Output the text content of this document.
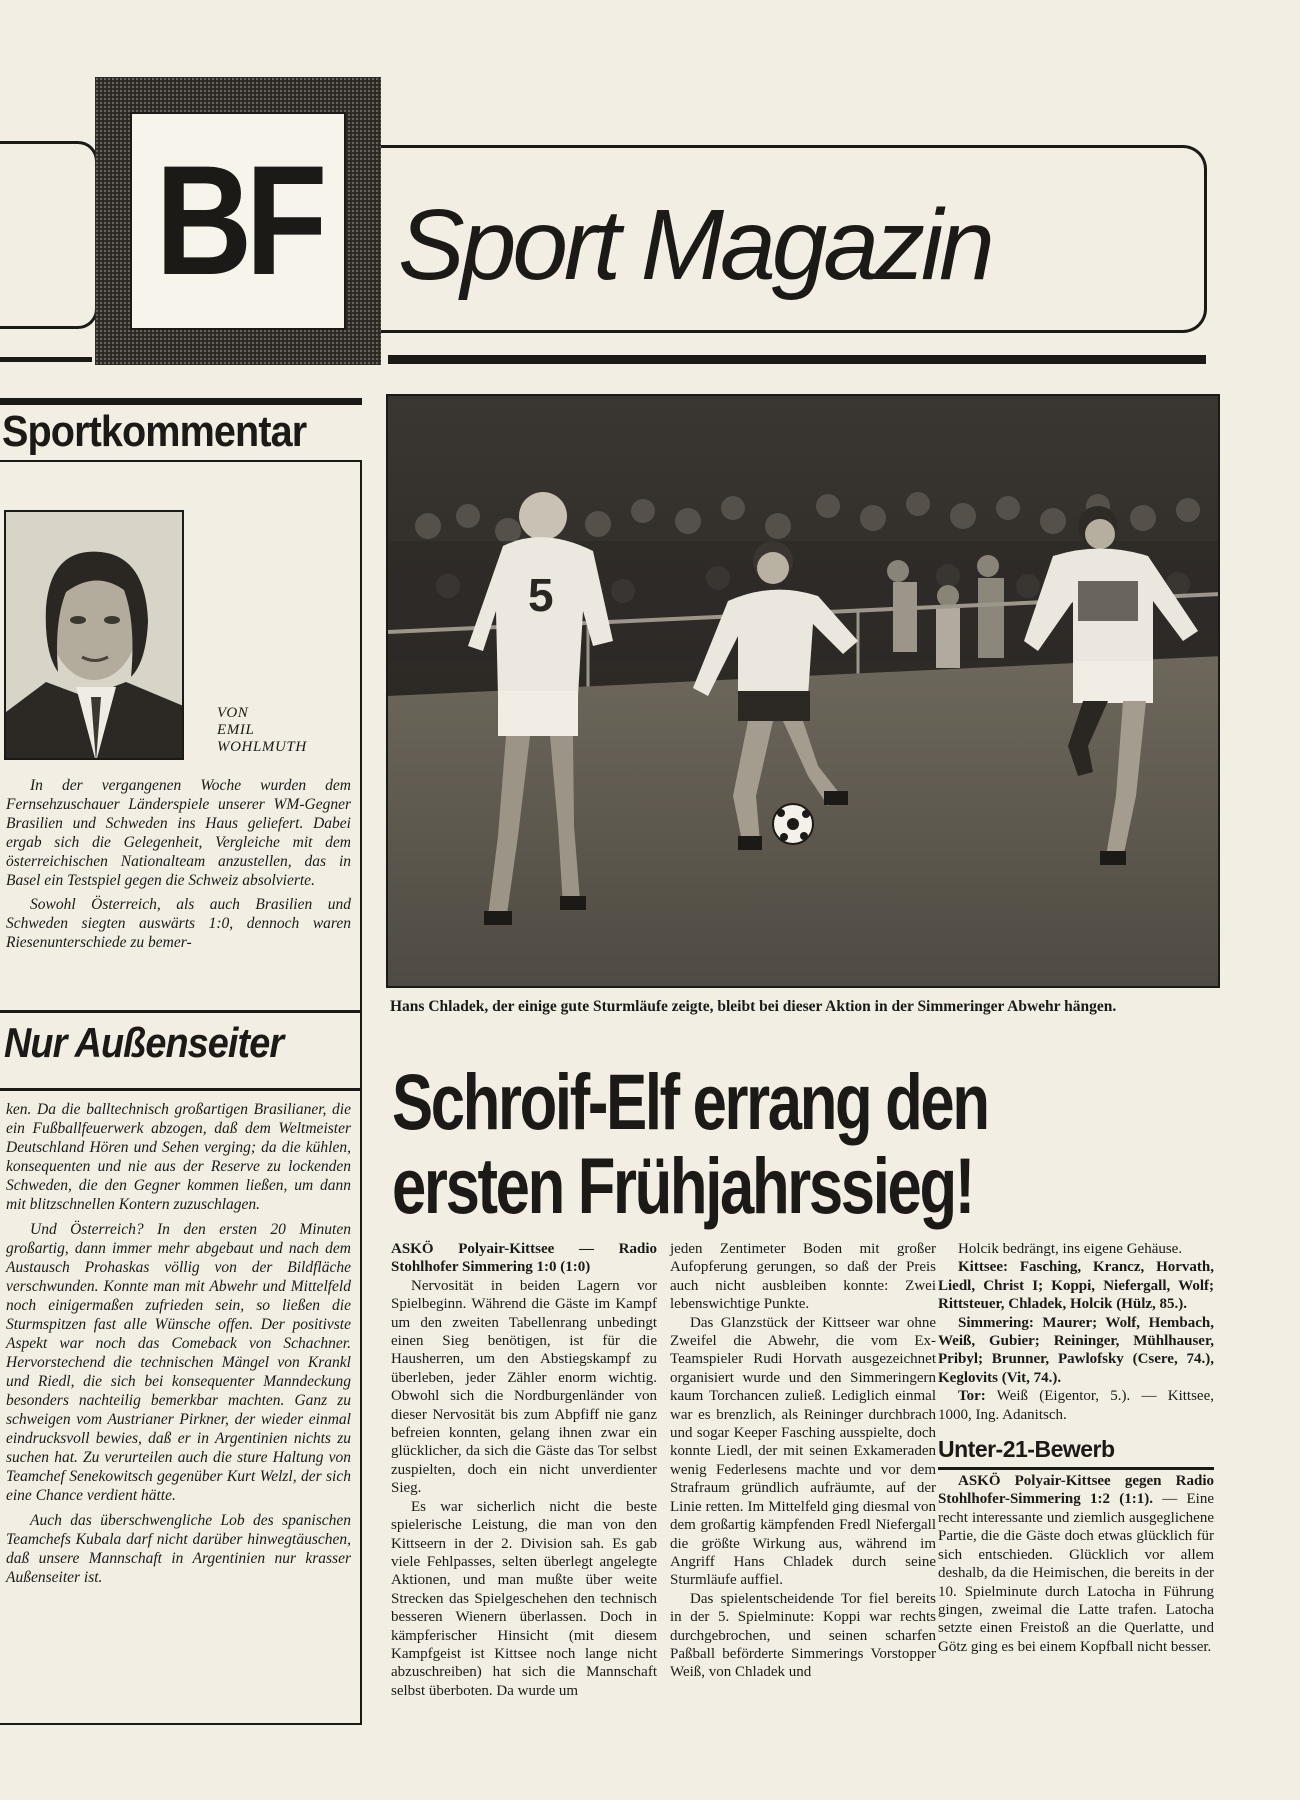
BF Sport Magazin
Sportkommentar
VON
EMIL
WOHLMUTH

In der vergangenen Woche wurden dem Fernsehzuschauer Länderspiele unserer WM-Gegner Brasilien und Schweden ins Haus geliefert. Dabei ergab sich die Gelegenheit, Vergleiche mit dem österreichischen Nationalteam anzustellen, das in Basel ein Testspiel gegen die Schweiz absolvierte.

Sowohl Österreich, als auch Brasilien und Schweden siegten auswärts 1:0, dennoch waren Riesenunterschiede zu bemer-

Nur Außenseiter

ken. Da die balltechnisch großartigen Brasilianer, die ein Fußballfeuerwerk abzogen, daß dem Weltmeister Deutschland Hören und Sehen verging; da die kühlen, konsequenten und nie aus der Reserve zu lockenden Schweden, die den Gegner kommen ließen, um dann mit blitzschnellen Kontern zuzuschlagen.

Und Österreich? In den ersten 20 Minuten großartig, dann immer mehr abgebaut und nach dem Austausch Prohaskas völlig von der Bildfläche verschwunden. Konnte man mit Abwehr und Mittelfeld noch einigermaßen zufrieden sein, so ließen die Sturmspitzen fast alle Wünsche offen. Der positivste Aspekt war noch das Comeback von Schachner. Hervorstechend die technischen Mängel von Krankl und Riedl, die sich bei konsequenter Manndeckung besonders nachteilig bemerkbar machten. Ganz zu schweigen vom Austrianer Pirkner, der wieder einmal eindrucksvoll bewies, daß er in Argentinien nichts zu suchen hat. Zu verurteilen auch die sture Haltung von Teamchef Senekowitsch gegenüber Kurt Welzl, der sich eine Chance verdient hätte.

Auch das überschwengliche Lob des spanischen Teamchefs Kubala darf nicht darüber hinwegtäuschen, daß unsere Mannschaft in Argentinien nur krasser Außenseiter ist.

5
Hans Chladek, der einige gute Sturmläufe zeigte, bleibt bei dieser Aktion in der Simmeringer Abwehr hängen.
Schroif-Elf errang den
ersten Frühjahrssieg!

ASKÖ Polyair-Kittsee — Radio Stohlhofer Simmering 1:0 (1:0)

Nervosität in beiden Lagern vor Spielbeginn. Während die Gäste im Kampf um den zweiten Tabellenrang unbedingt einen Sieg benötigen, ist für die Hausherren, um den Abstiegskampf zu überleben, jeder Zähler enorm wichtig. Obwohl sich die Nordburgenländer von dieser Nervosität bis zum Abpfiff nie ganz befreien konnten, gelang ihnen zwar ein glücklicher, da sich die Gäste das Tor selbst zuspielten, doch ein nicht unverdienter Sieg.

Es war sicherlich nicht die beste spielerische Leistung, die man von den Kittseern in der 2. Division sah. Es gab viele Fehlpasses, selten überlegt angelegte Aktionen, und man mußte über weite Strecken das Spielgeschehen den technisch besseren Wienern überlassen. Doch in kämpferischer Hinsicht (mit diesem Kampfgeist ist Kittsee noch lange nicht abzuschreiben) hat sich die Mannschaft selbst überboten. Da wurde um

jeden Zentimeter Boden mit großer Aufopferung gerungen, so daß der Preis auch nicht ausbleiben konnte: Zwei lebenswichtige Punkte.

Das Glanzstück der Kittseer war ohne Zweifel die Abwehr, die vom Ex-Teamspieler Rudi Horvath ausgezeichnet organisiert wurde und den Simmeringern kaum Torchancen zuließ. Lediglich einmal war es brenzlich, als Reininger durchbrach und sogar Keeper Fasching ausspielte, doch konnte Liedl, der mit seinen Exkameraden wenig Federlesens machte und vor dem Strafraum gründlich aufräumte, auf der Linie retten. Im Mittelfeld ging diesmal von dem großartig kämpfenden Fredl Niefergall die größte Wirkung aus, während im Angriff Hans Chladek durch seine Sturmläufe auffiel.

Das spielentscheidende Tor fiel bereits in der 5. Spielminute: Koppi war rechts durchgebrochen, und seinen scharfen Paßball beförderte Simmerings Vorstopper Weiß, von Chladek und

Holcik bedrängt, ins eigene Gehäuse.

Kittsee: Fasching, Krancz, Horvath, Liedl, Christ I; Koppi, Niefergall, Wolf; Rittsteuer, Chladek, Holcik (Hülz, 85.).

Simmering: Maurer; Wolf, Hembach, Weiß, Gubier; Reininger, Mühlhauser, Pribyl; Brunner, Pawlofsky (Csere, 74.), Keglovits (Vit, 74.).

Tor: Weiß (Eigentor, 5.). — Kittsee, 1000, Ing. Adanitsch.

Unter-21-Bewerb

ASKÖ Polyair-Kittsee gegen Radio Stohlhofer-Simmering 1:2 (1:1). — Eine recht interessante und ziemlich ausgeglichene Partie, die die Gäste doch etwas glücklich für sich entschieden. Glücklich vor allem deshalb, da die Heimischen, die bereits in der 10. Spielminute durch Latocha in Führung gingen, zweimal die Latte trafen. Latocha setzte einen Freistoß an die Querlatte, und Götz ging es bei einem Kopfball nicht besser.
